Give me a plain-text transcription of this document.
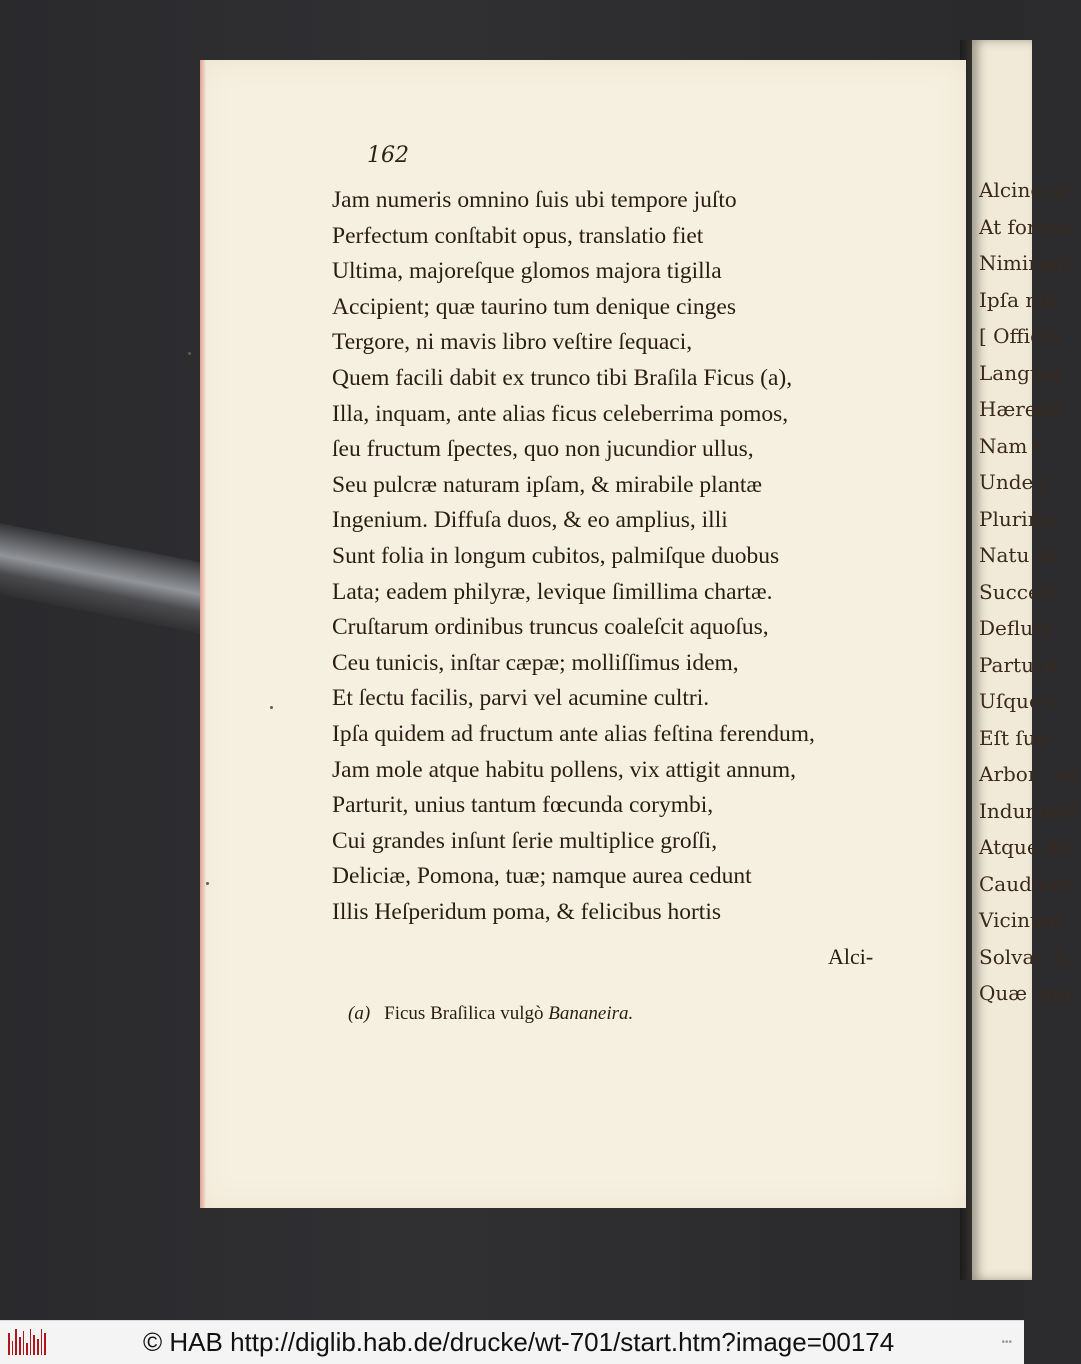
Alcinoi q
At fortita
Nimirum
Ipſa mo
[ Officio
Languid
Hærede
Nam ſ
Unde ſ
Plurima
Natu al
Succed
Defluxi
Parturit
Uſque v
Eſt ſuu
Arbor : ea
Indument
Atque ita
Caudicea
Vicinum
Solvat, S
Quæ non
162
Jam numeris omnino ſuis ubi tempore juſto
Perfectum conſtabit opus, translatio fiet
Ultima, majoreſque glomos majora tigilla
Accipient; quæ taurino tum denique cinges
Tergore, ni mavis libro veſtire ſequaci,
Quem facili dabit ex trunco tibi Braſila Ficus (a),
Illa, inquam, ante alias ficus celeberrima pomos,
ſeu fructum ſpectes, quo non jucundior ullus,
Seu pulcræ naturam ipſam, & mirabile plantæ
Ingenium. Diffuſa duos, & eo amplius, illi
Sunt folia in longum cubitos, palmiſque duobus
Lata; eadem philyræ, levique ſimillima chartæ.
Cruſtarum ordinibus truncus coaleſcit aquoſus,
Ceu tunicis, inſtar cæpæ; molliſſimus idem,
Et ſectu facilis, parvi vel acumine cultri.
Ipſa quidem ad fructum ante alias feſtina ferendum,
Jam mole atque habitu pollens, vix attigit annum,
Parturit, unius tantum fœcunda corymbi,
Cui grandes inſunt ſerie multiplice groſſi,
Deliciæ, Pomona, tuæ; namque aurea cedunt
Illis Heſperidum poma, & felicibus hortis
Alci-
(a) Ficus Braſilica vulgò Bananeira.
© HAB http://diglib.hab.de/drucke/wt-701/start.htm?image=00174	•••
